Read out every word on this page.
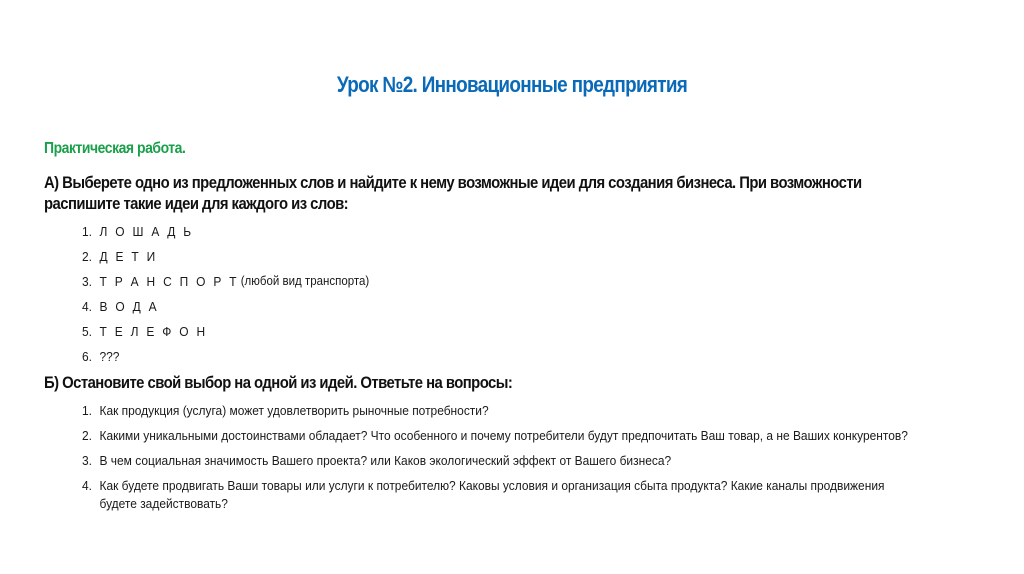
Урок №2. Инновационные предприятия
Практическая работа.
А) Выберете одно из предложенных слов и найдите к нему возможные идеи для создания бизнеса. При возможности
распишите такие идеи для каждого из слов:
1. Л О Ш А Д Ь
2. Д Е Т И
3. Т Р А Н С П О Р Т (любой вид транспорта)
4. В О Д А
5. Т Е Л Е Ф О Н
6. ???
Б) Остановите свой выбор на одной из идей. Ответьте на вопросы:
1. Как продукция (услуга) может удовлетворить рыночные потребности?
2. Какими уникальными достоинствами обладает? Что особенного и почему потребители будут предпочитать Ваш товар, а не Ваших конкурентов?
3. В чем социальная значимость Вашего проекта? или Каков экологический эффект от Вашего бизнеса?
4. Как будете продвигать Ваши товары или услуги к потребителю? Каковы условия и организация сбыта продукта? Какие каналы продвижения будете задействовать?
